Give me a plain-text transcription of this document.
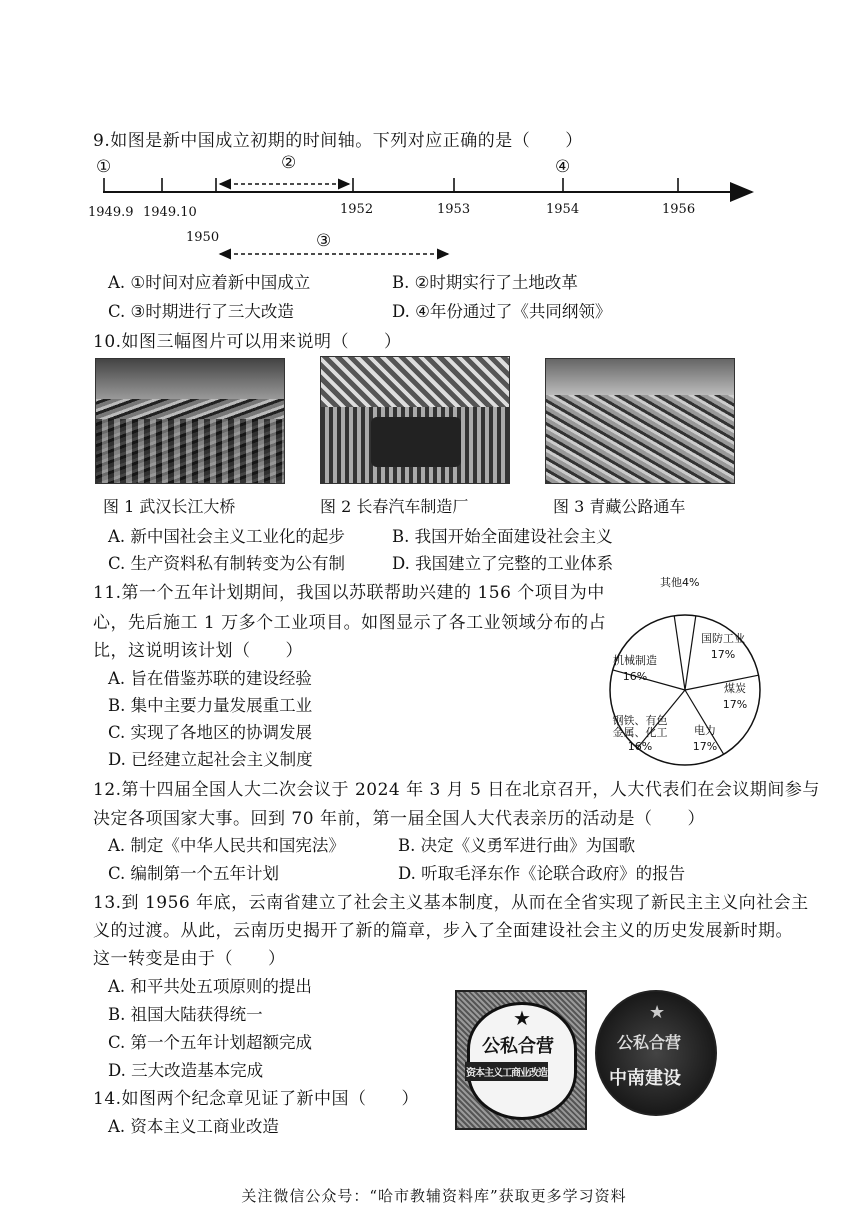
9.如图是新中国成立初期的时间轴。下列对应正确的是（　　）
①	②
③
④
1949.9 1949.10	1952	1953	1954	1956
1950
A. ①时间对应着新中国成立	B. ②时期实行了土地改革
C. ③时期进行了三大改造	D. ④年份通过了《共同纲领》
10.如图三幅图片可以用来说明（　　）
图 1 武汉长江大桥	图 2 长春汽车制造厂	图 3 青藏公路通车
A. 新中国社会主义工业化的起步	B. 我国开始全面建设社会主义
C. 生产资料私有制转变为公有制	D. 我国建立了完整的工业体系
11.第一个五年计划期间，我国以苏联帮助兴建的 156 个项目为中
心，先后施工 1 万多个工业项目。如图显示了各工业领域分布的占
比，这说明该计划（　　）
A. 旨在借鉴苏联的建设经验
B. 集中主要力量发展重工业
C. 实现了各地区的协调发展
D. 已经建立起社会主义制度
其他4%
国防工业
17%
煤炭
17%
电力
17%
钢铁、有色
金属、化工
16%
机械制造
16%
12.第十四届全国人大二次会议于 2024 年 3 月 5 日在北京召开，人大代表们在会议期间参与
决定各项国家大事。回到 70 年前，第一届全国人大代表亲历的活动是（　　）
A. 制定《中华人民共和国宪法》	B. 决定《义勇军进行曲》为国歌
C. 编制第一个五年计划	D. 听取毛泽东作《论联合政府》的报告
13.到 1956 年底，云南省建立了社会主义基本制度，从而在全省实现了新民主主义向社会主
义的过渡。从此，云南历史揭开了新的篇章，步入了全面建设社会主义的历史发展新时期。
这一转变是由于（　　）
A. 和平共处五项原则的提出
B. 祖国大陆获得统一
C. 第一个五年计划超额完成
D. 三大改造基本完成
14.如图两个纪念章见证了新中国（　　）
A. 资本主义工商业改造
★
公私合营
资本主义工商业改造
★
公私合营
中南建设
关注微信公众号：“哈市教辅资料库”获取更多学习资料
